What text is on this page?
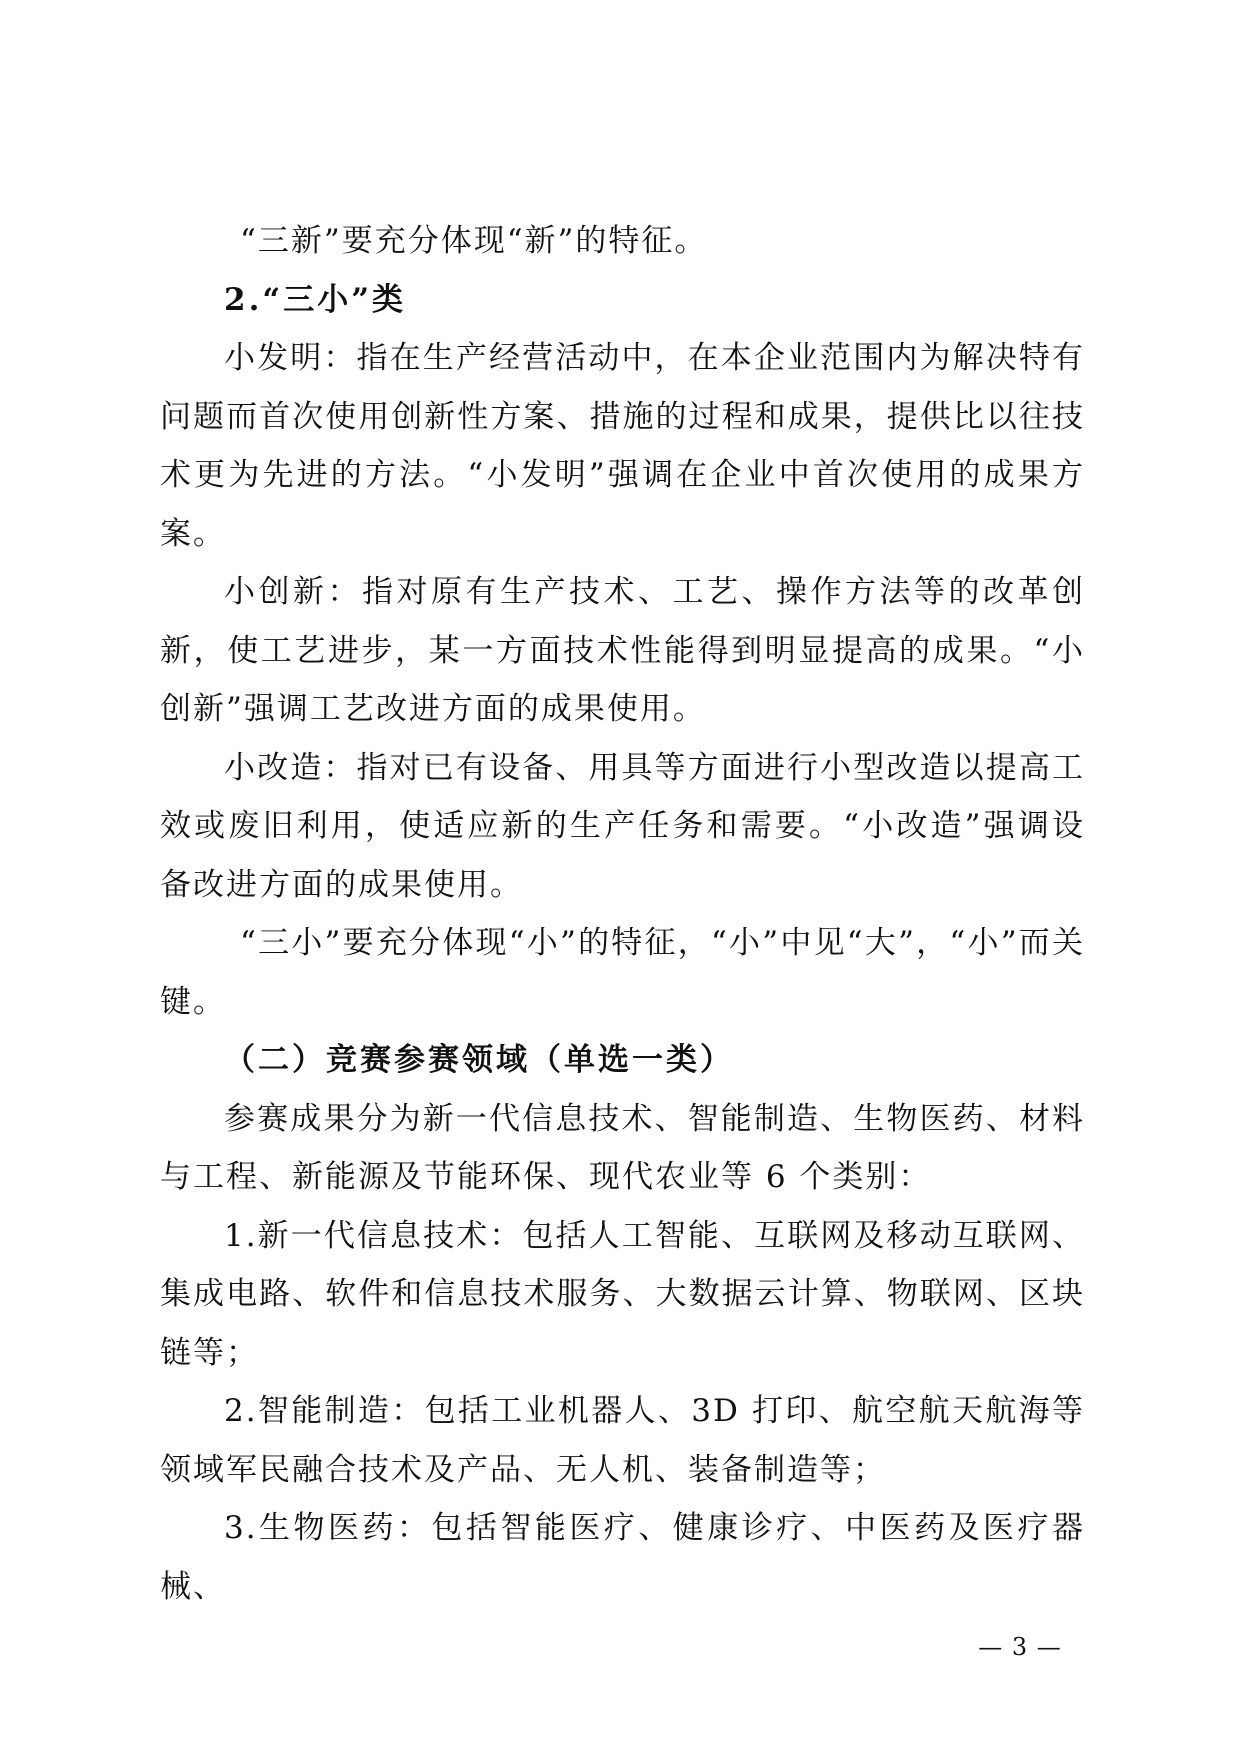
“三新”要充分体现“新”的特征。

2.“三小”类

小发明：指在生产经营活动中，在本企业范围内为解决特有问题而首次使用创新性方案、措施的过程和成果，提供比以往技术更为先进的方法。“小发明”强调在企业中首次使用的成果方案。

小创新：指对原有生产技术、工艺、操作方法等的改革创新，使工艺进步，某一方面技术性能得到明显提高的成果。“小创新”强调工艺改进方面的成果使用。

小改造：指对已有设备、用具等方面进行小型改造以提高工效或废旧利用，使适应新的生产任务和需要。“小改造”强调设备改进方面的成果使用。

“三小”要充分体现“小”的特征，“小”中见“大”，“小”而关键。

（二）竞赛参赛领域（单选一类）

参赛成果分为新一代信息技术、智能制造、生物医药、材料与工程、新能源及节能环保、现代农业等 6 个类别：

1.新一代信息技术：包括人工智能、互联网及移动互联网、集成电路、软件和信息技术服务、大数据云计算、物联网、区块链等；

2.智能制造：包括工业机器人、3D 打印、航空航天航海等领域军民融合技术及产品、无人机、装备制造等；

3.生物医药：包括智能医疗、健康诊疗、中医药及医疗器械、

— 3 —
